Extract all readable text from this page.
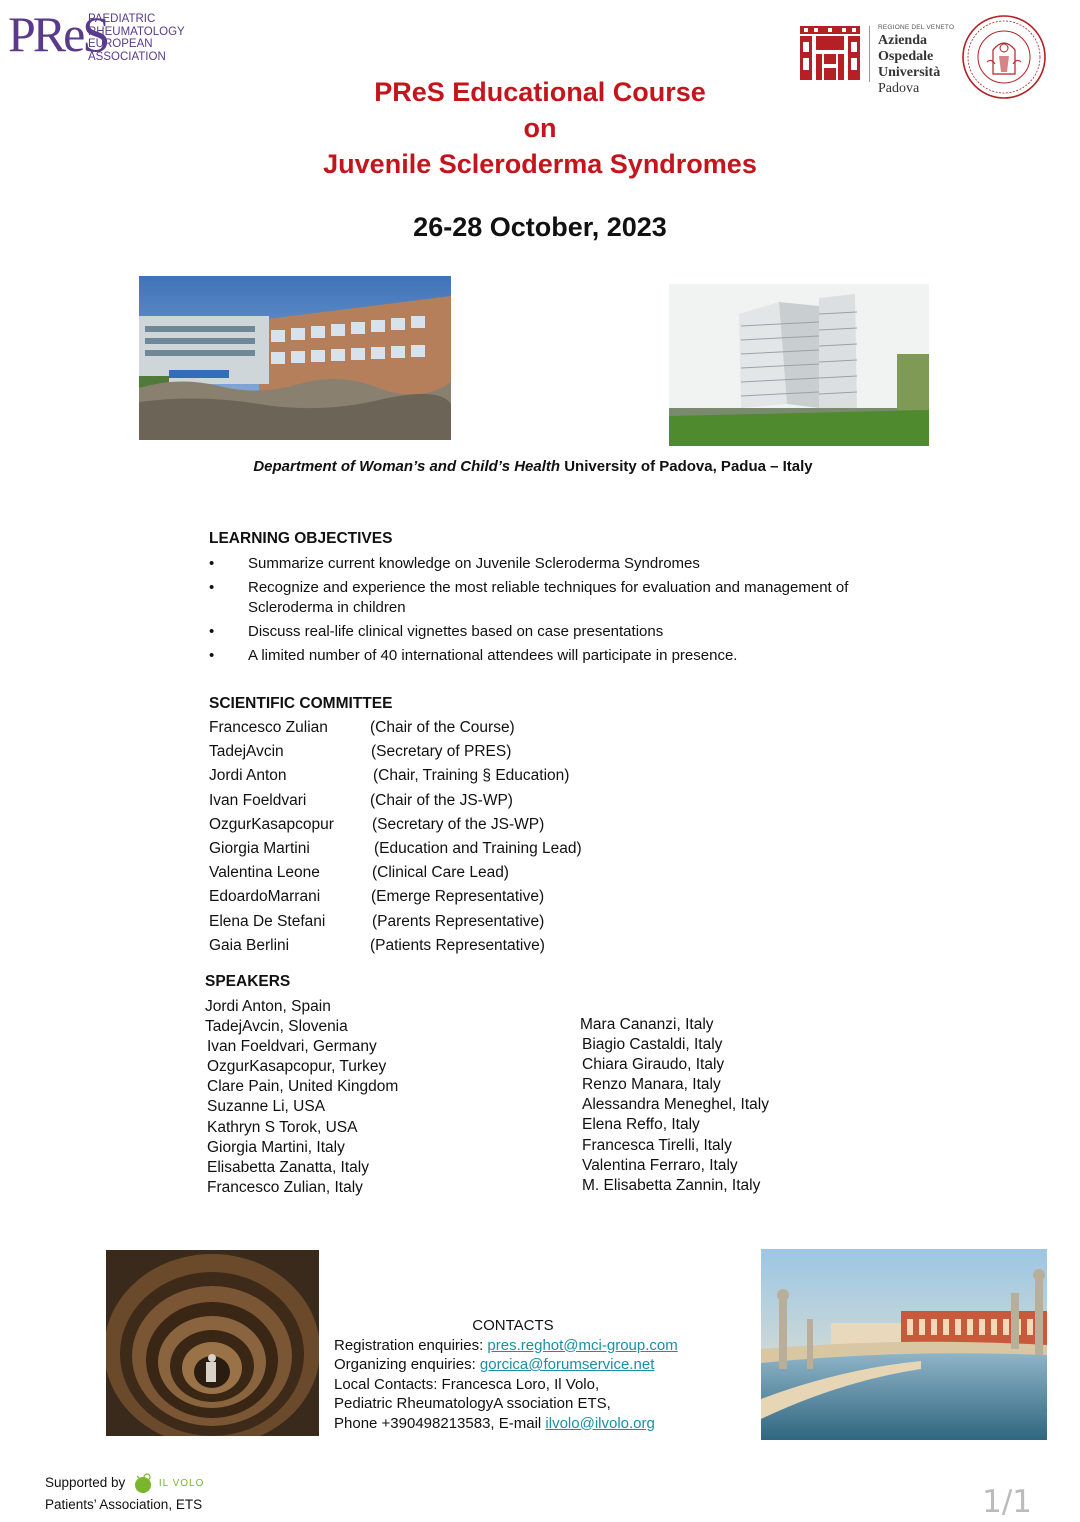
PReS
PAEDIATRIC
RHEUMATOLOGY
EUROPEAN
ASSOCIATION
REGIONE DEL VENETO
Azienda
Ospedale
Università
Padova
PReS Educational Course
on
Juvenile Scleroderma Syndromes
26-28 October, 2023
Department of Woman’s and Child’s Health University of Padova, Padua – Italy
LEARNING OBJECTIVES
• Summarize current knowledge on Juvenile Scleroderma Syndromes
• Recognize and experience the most reliable techniques for evaluation and management of Scleroderma in children
• Discuss real-life clinical vignettes based on case presentations
• A limited number of 40 international attendees will participate in presence.
SCIENTIFIC COMMITTEE
Francesco Zulian	(Chair of the Course)
TadejAvcin	(Secretary of PRES)
Jordi Anton	(Chair, Training § Education)
Ivan Foeldvari	(Chair of the JS-WP)
OzgurKasapcopur (Secretary of the JS-WP)
Giorgia Martini	(Education and Training Lead)
Valentina Leone	(Clinical Care Lead)
EdoardoMarrani	(Emerge Representative)
Elena De Stefani	(Parents Representative)
Gaia Berlini	(Patients Representative)
SPEAKERS
Jordi Anton, Spain
TadejAvcin, Slovenia
Ivan Foeldvari, Germany
OzgurKasapcopur, Turkey
Clare Pain, United Kingdom
Suzanne Li, USA
Kathryn S Torok, USA
Giorgia Martini, Italy
Elisabetta Zanatta, Italy
Francesco Zulian, Italy
Mara Cananzi, Italy
Biagio Castaldi, Italy
Chiara Giraudo, Italy
Renzo Manara, Italy
Alessandra Meneghel, Italy
Elena Reffo, Italy
Francesca Tirelli, Italy
Valentina Ferraro, Italy
M. Elisabetta Zannin, Italy
CONTACTS
Registration enquiries: pres.reghot@mci-group.com
Organizing enquiries: gorcica@forumservice.net
Local Contacts: Francesca Loro, Il Volo,
Pediatric RheumatologyA ssociation ETS,
Phone +390498213583, E-mail ilvolo@ilvolo.org
Supported by	IL VOLO
Patients’ Association, ETS	1/1
